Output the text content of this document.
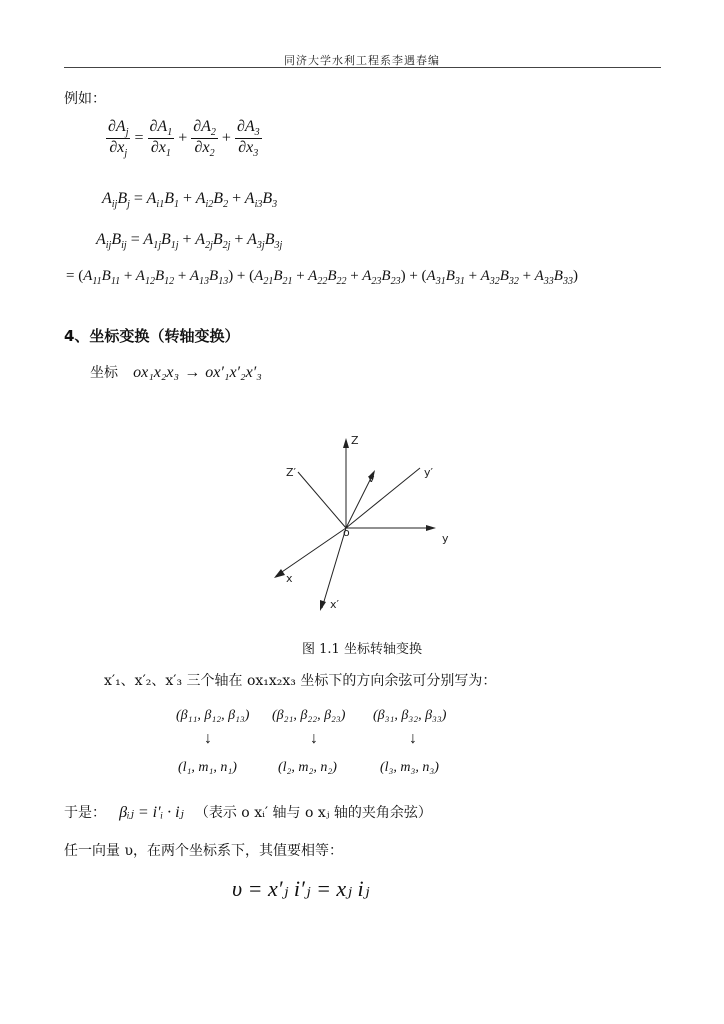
同济大学水利工程系李遇春编
例如：
$\frac{\partial A_j}{\partial x_j} = \frac{\partial A_1}{\partial x_1} + \frac{\partial A_2}{\partial x_2} + \frac{\partial A_3}{\partial x_3}$
$A_{ij}B_j = A_{i1}B_1 + A_{i2}B_2 + A_{i3}B_3$
$A_{ij}B_{ij} = A_{1j}B_{1j} + A_{2j}B_{2j} + A_{3j}B_{3j}$
= $(A_{11}B_{11} + A_{12}B_{12} + A_{13}B_{13}) + (A_{21}B_{21} + A_{22}B_{22} + A_{23}B_{23}) + (A_{31}B_{31} + A_{32}B_{32} + A_{33}B_{33})$
4、坐标变换（转轴变换）
坐标 ox₁x₂x₃ → ox′₁x′₂x′₃
Z
Z′	v	y′
o	y
x
x′
图 1.1 坐标转轴变换
x′₁、x′₂、x′₃ 三个轴在 ox₁x₂x₃ 坐标下的方向余弦可分别写为：
(β₁₁, β₁₂, β₁₃) (β₂₁, β₂₂, β₂₃) (β₃₁, β₃₂, β₃₃)
↓	↓	↓
(l₁, m₁, n₁)	(l₂, m₂, n₂)	(l₃, m₃, n₃)
于是： βᵢⱼ = i′ᵢ · iⱼ （表示 o xᵢ′ 轴与 o xⱼ 轴的夹角余弦）
任一向量 υ，在两个坐标系下，其值要相等：
υ = x′ⱼ i′ⱼ = xⱼ iⱼ
